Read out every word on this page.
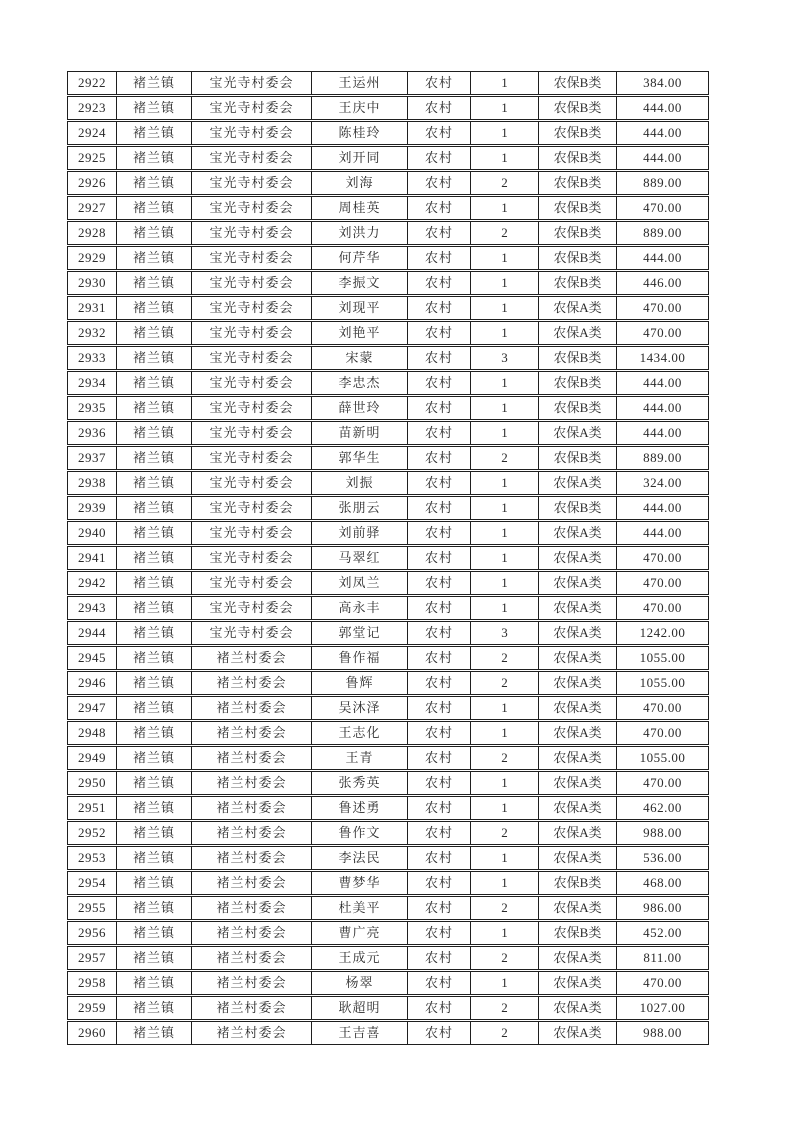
2922	褚兰镇	宝光寺村委会	王运州	农村	1	农保B类	384.00
2923	褚兰镇	宝光寺村委会	王庆中	农村	1	农保B类	444.00
2924	褚兰镇	宝光寺村委会	陈桂玲	农村	1	农保B类	444.00
2925	褚兰镇	宝光寺村委会	刘开同	农村	1	农保B类	444.00
2926	褚兰镇	宝光寺村委会	刘海	农村	2	农保B类	889.00
2927	褚兰镇	宝光寺村委会	周桂英	农村	1	农保B类	470.00
2928	褚兰镇	宝光寺村委会	刘洪力	农村	2	农保B类	889.00
2929	褚兰镇	宝光寺村委会	何芹华	农村	1	农保B类	444.00
2930	褚兰镇	宝光寺村委会	李振文	农村	1	农保B类	446.00
2931	褚兰镇	宝光寺村委会	刘现平	农村	1	农保A类	470.00
2932	褚兰镇	宝光寺村委会	刘艳平	农村	1	农保A类	470.00
2933	褚兰镇	宝光寺村委会	宋蒙	农村	3	农保B类	1434.00
2934	褚兰镇	宝光寺村委会	李忠杰	农村	1	农保B类	444.00
2935	褚兰镇	宝光寺村委会	薛世玲	农村	1	农保B类	444.00
2936	褚兰镇	宝光寺村委会	苗新明	农村	1	农保A类	444.00
2937	褚兰镇	宝光寺村委会	郭华生	农村	2	农保B类	889.00
2938	褚兰镇	宝光寺村委会	刘振	农村	1	农保A类	324.00
2939	褚兰镇	宝光寺村委会	张朋云	农村	1	农保B类	444.00
2940	褚兰镇	宝光寺村委会	刘前驿	农村	1	农保A类	444.00
2941	褚兰镇	宝光寺村委会	马翠红	农村	1	农保A类	470.00
2942	褚兰镇	宝光寺村委会	刘凤兰	农村	1	农保A类	470.00
2943	褚兰镇	宝光寺村委会	高永丰	农村	1	农保A类	470.00
2944	褚兰镇	宝光寺村委会	郭堂记	农村	3	农保A类	1242.00
2945	褚兰镇	褚兰村委会	鲁作福	农村	2	农保A类	1055.00
2946	褚兰镇	褚兰村委会	鲁辉	农村	2	农保A类	1055.00
2947	褚兰镇	褚兰村委会	吴沐泽	农村	1	农保A类	470.00
2948	褚兰镇	褚兰村委会	王志化	农村	1	农保A类	470.00
2949	褚兰镇	褚兰村委会	王青	农村	2	农保A类	1055.00
2950	褚兰镇	褚兰村委会	张秀英	农村	1	农保A类	470.00
2951	褚兰镇	褚兰村委会	鲁述勇	农村	1	农保A类	462.00
2952	褚兰镇	褚兰村委会	鲁作文	农村	2	农保A类	988.00
2953	褚兰镇	褚兰村委会	李法民	农村	1	农保A类	536.00
2954	褚兰镇	褚兰村委会	曹梦华	农村	1	农保B类	468.00
2955	褚兰镇	褚兰村委会	杜美平	农村	2	农保A类	986.00
2956	褚兰镇	褚兰村委会	曹广亮	农村	1	农保B类	452.00
2957	褚兰镇	褚兰村委会	王成元	农村	2	农保A类	811.00
2958	褚兰镇	褚兰村委会	杨翠	农村	1	农保A类	470.00
2959	褚兰镇	褚兰村委会	耿超明	农村	2	农保A类	1027.00
2960	褚兰镇	褚兰村委会	王吉喜	农村	2	农保A类	988.00
